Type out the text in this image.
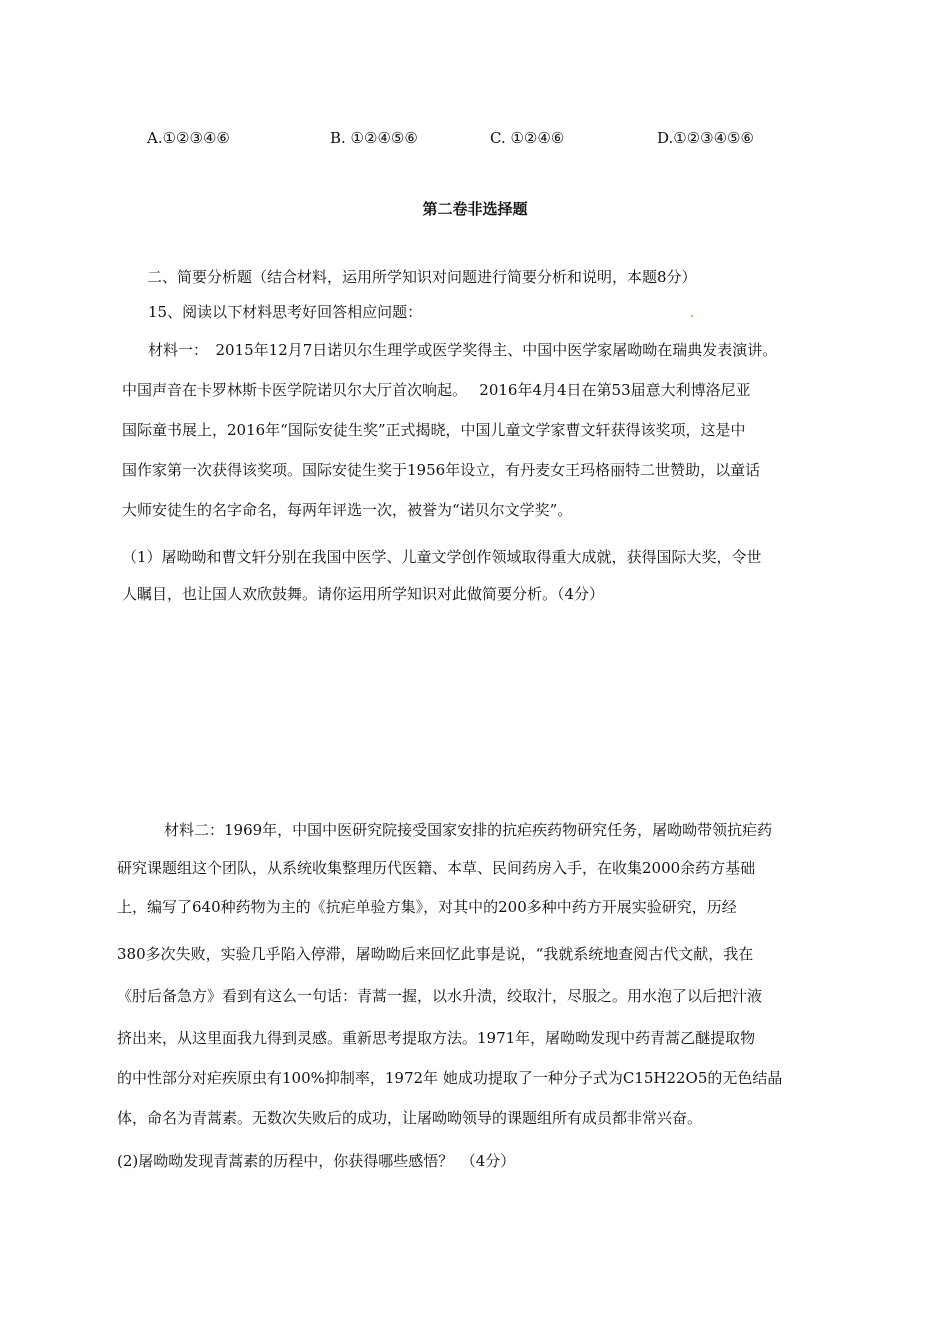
A.①②③④⑥	B. ①②④⑤⑥	C. ①②④⑥	D.①②③④⑤⑥
第二卷非选择题
二、简要分析题（结合材料，运用所学知识对问题进行简要分析和说明，本题8分）
15、阅读以下材料思考好回答相应问题：
材料一：　2015年12月7日诺贝尔生理学或医学奖得主、中国中医学家屠呦呦在瑞典发表演讲。
中国声音在卡罗林斯卡医学院诺贝尔大厅首次响起。　 2016年4月4日在第53届意大利博洛尼亚
国际童书展上，2016年“国际安徒生奖”正式揭晓，中国儿童文学家曹文轩获得该奖项，这是中
国作家第一次获得该奖项。国际安徒生奖于1956年设立，有丹麦女王玛格丽特二世赞助，以童话
大师安徒生的名字命名，每两年评选一次，被誉为“诺贝尔文学奖”。
（1）屠呦呦和曹文轩分别在我国中医学、儿童文学创作领域取得重大成就，获得国际大奖，令世
人瞩目，也让国人欢欣鼓舞。请你运用所学知识对此做简要分析。（4分）
材料二：1969年，中国中医研究院接受国家安排的抗疟疾药物研究任务，屠呦呦带领抗疟药
研究课题组这个团队，从系统收集整理历代医籍、本草、民间药房入手，在收集2000余药方基础
上，编写了640种药物为主的《抗疟单验方集》，对其中的200多种中药方开展实验研究，历经
380多次失败，实验几乎陷入停滞，屠呦呦后来回忆此事是说，“我就系统地查阅古代文献，我在
《肘后备急方》看到有这么一句话：青蒿一握，以水升渍，绞取汁，尽服之。用水泡了以后把汁液
挤出来，从这里面我九得到灵感。重新思考提取方法。1971年，屠呦呦发现中药青蒿乙醚提取物
的中性部分对疟疾原虫有100%抑制率，1972年 她成功提取了一种分子式为C15H22O5的无色结晶
体，命名为青蒿素。无数次失败后的成功，让屠呦呦领导的课题组所有成员都非常兴奋。
(2)屠呦呦发现青蒿素的历程中，你获得哪些感悟？　（4分）
